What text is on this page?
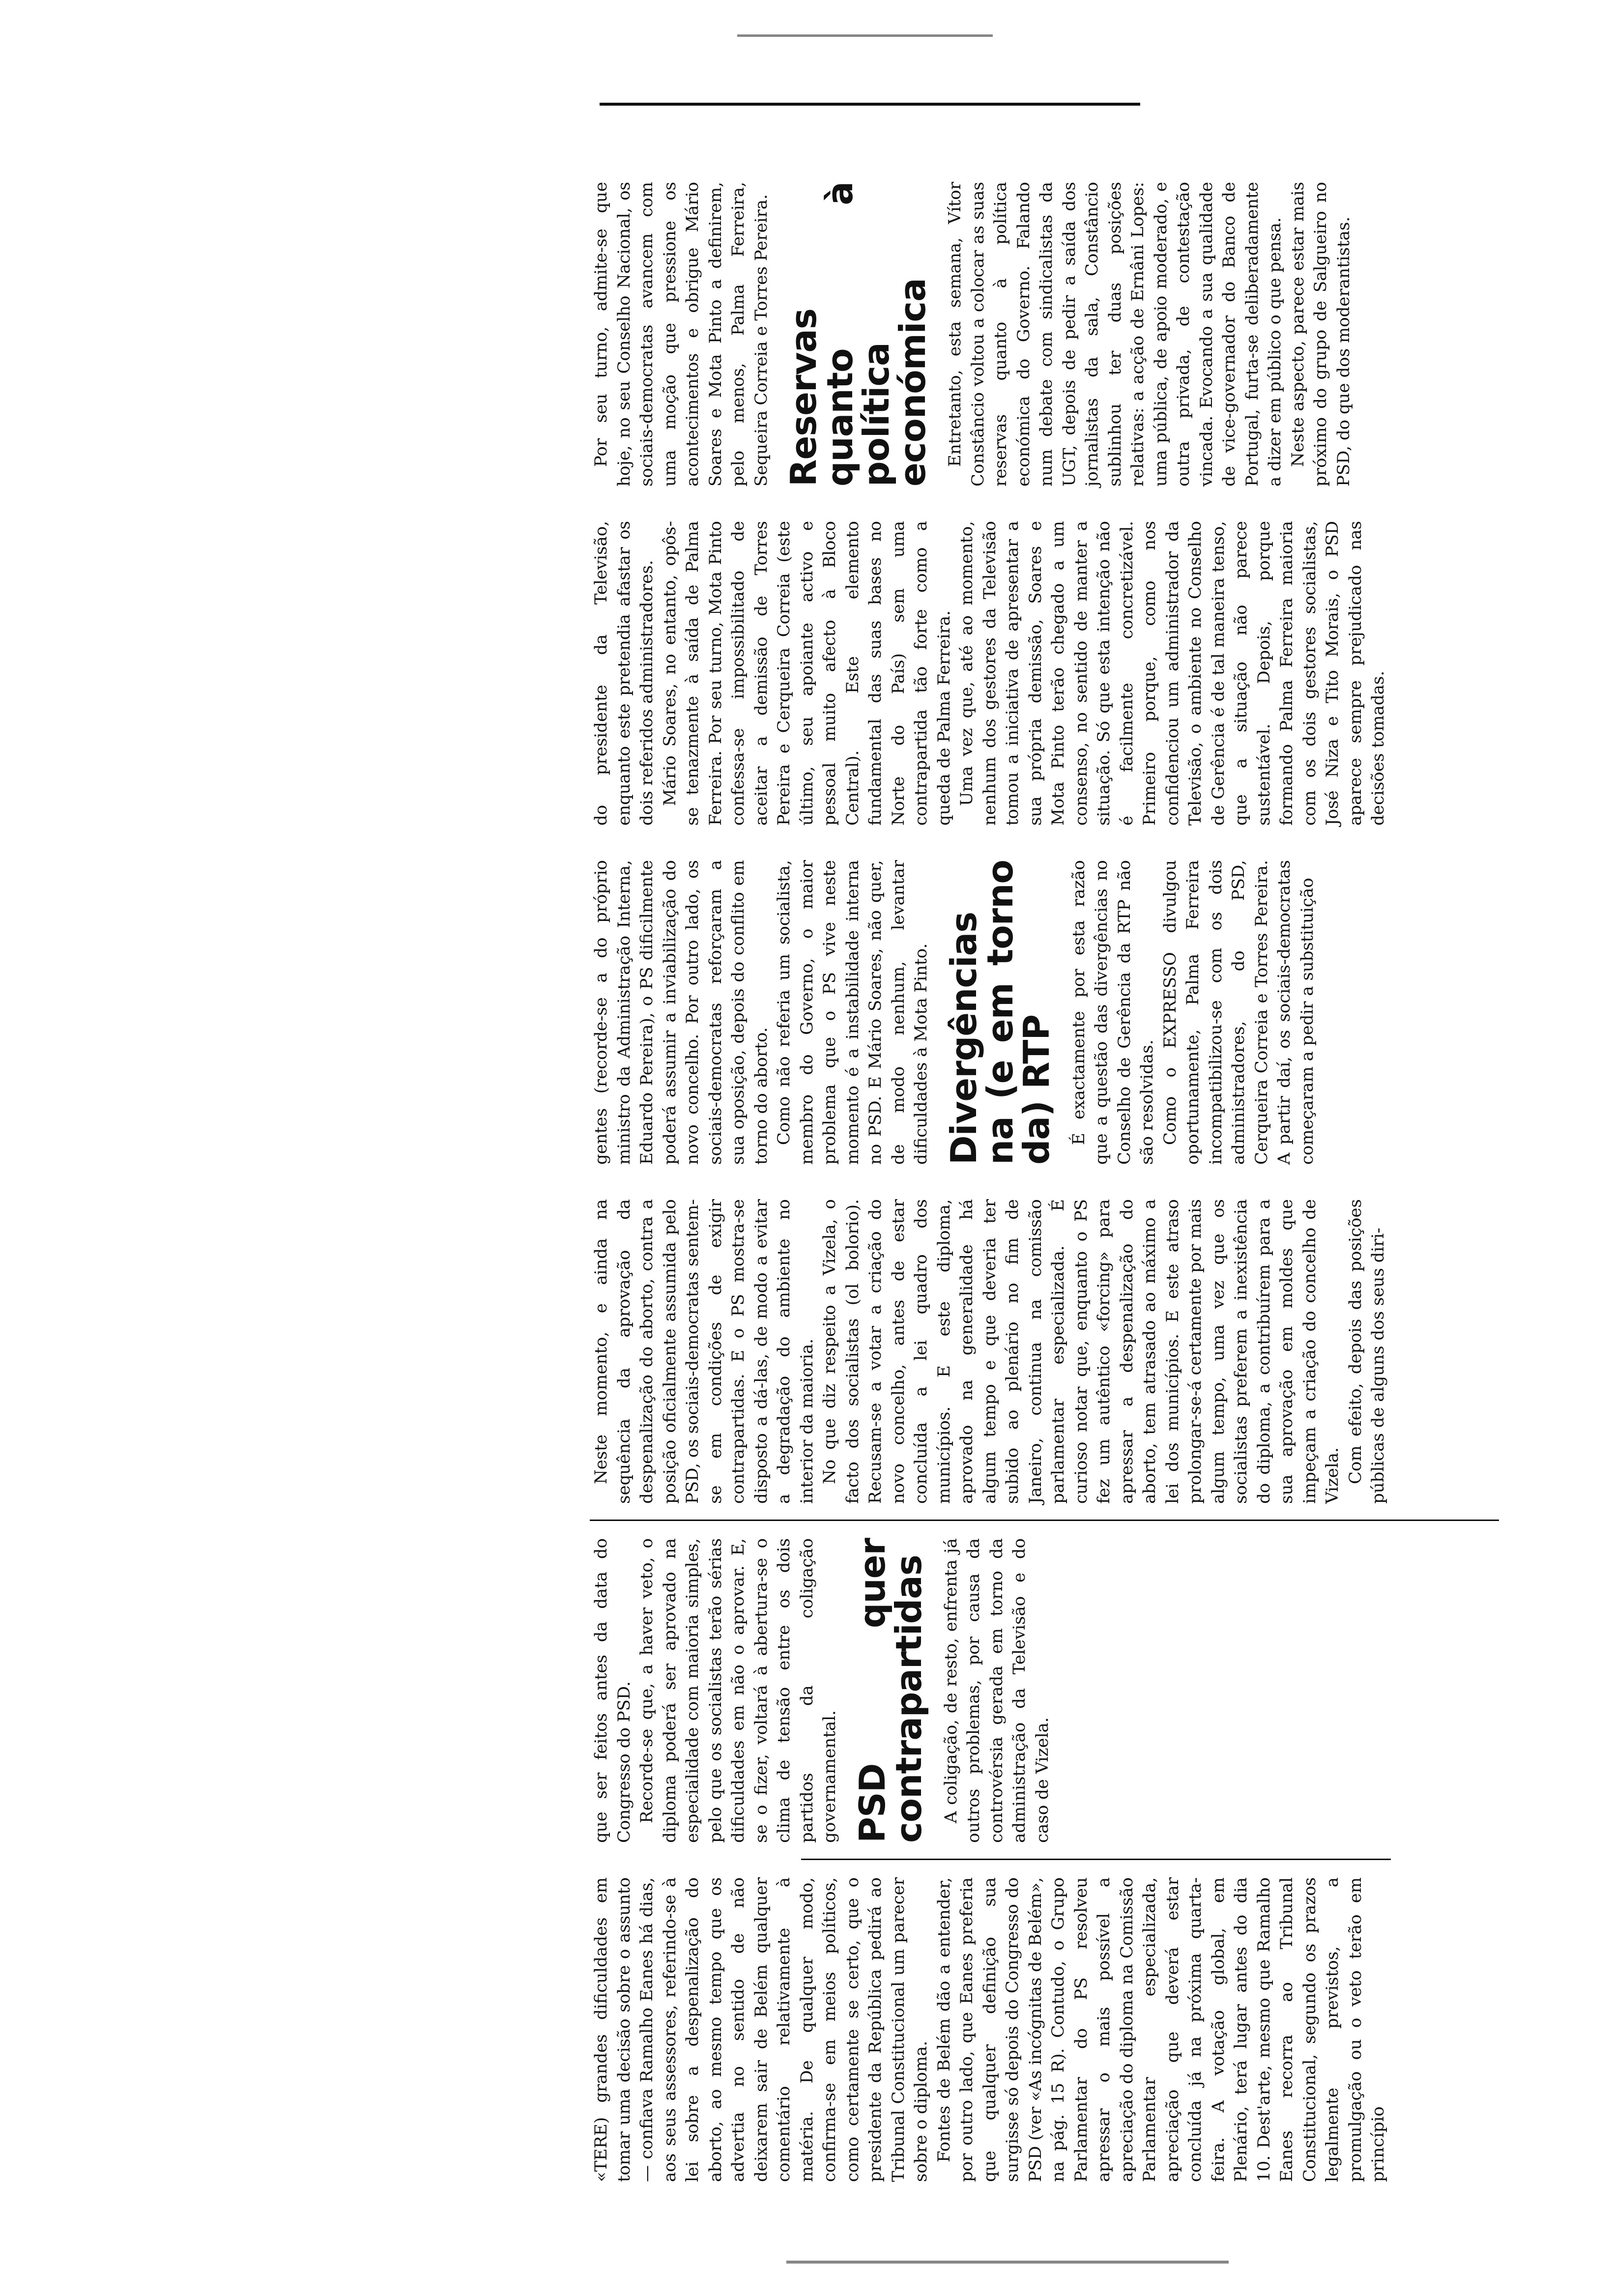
«TERE) grandes dificuldades em tomar uma decisão sobre o assunto — confiava Ramalho Eanes há dias, aos seus assessores, referindo-se à lei sobre a despenalização do aborto, ao mesmo tempo que os advertia no sentido de não deixarem sair de Belém qualquer comentário relativamente à matéria. De qualquer modo, confirma-se em meios políticos, como certamente se certo, que o presidente da República pedirá ao Tribunal Constitucional um parecer sobre o diploma. Fontes de Belém dão a entender, por outro lado, que Eanes preferia que qualquer definição sua surgisse só depois do Congresso do PSD (ver «As incógnitas de Belém», na pág. 15 R). Contudo, o Grupo Parlamentar do PS resolveu apressar o mais possível a apreciação do diploma na Comissão Parlamentar especializada, apreciação que deverá estar concluída já na próxima quarta-feira. A votação global, em Plenário, terá lugar antes do dia 10. Dest'arte, mesmo que Ramalho Eanes recorra ao Tribunal Constitucional, segundo os prazos legalmente previstos, a promulgação ou o veto terão em princípio

que ser feitos antes da data do Congresso do PSD. Recorde-se que, a haver veto, o diploma poderá ser aprovado na especialidade com maioria simples, pelo que os socialistas terão sérias dificuldades em não o aprovar. E, se o fizer, voltará à abertura-se o clima de tensão entre os dois partidos da coligação governamental. PSD quer contrapartidas A coligação, de resto, enfrenta já outros problemas, por causa da controvérsia gerada em torno da administração da Televisão e do caso de Vizela.

Neste momento, e ainda na sequência da aprovação da despenalização do aborto, contra a posição oficialmente assumida pelo PSD, os sociais-democratas sentem-se em condições de exigir contrapartidas. E o PS mostra-se disposto a dá-las, de modo a evitar a degradação do ambiente no interior da maioria. No que diz respeito a Vizela, o facto dos socialistas (ol bolorio). Recusam-se a votar a criação do novo concelho, antes de estar concluída a lei quadro dos municípios. E este diploma, aprovado na generalidade há algum tempo e que deveria ter subido ao plenário no fim de Janeiro, continua na comissão parlamentar especializada. É curioso notar que, enquanto o PS fez um autêntico «forcing» para apressar a despenalização do aborto, tem atrasado ao máximo a lei dos municípios. E este atraso prolongar-se-á certamente por mais algum tempo, uma vez que os socialistas preferem a inexistência do diploma, a contribuírem para a sua aprovação em moldes que impeçam a criação do concelho de Vizela. Com efeito, depois das posições públicas de alguns dos seus diri-

gentes (recorde-se a do próprio ministro da Administração Interna, Eduardo Pereira), o PS dificilmente poderá assumir a inviabilização do novo concelho. Por outro lado, os sociais-democratas reforçaram a sua oposição, depois do conflito em torno do aborto. Como não referia um socialista, membro do Governo, o maior problema que o PS vive neste momento é a instabilidade interna no PSD. E Mário Soares, não quer, de modo nenhum, levantar dificuldades à Mota Pinto. Divergências na (e em torno da) RTP É exactamente por esta razão que a questão das divergências no Conselho de Gerência da RTP não são resolvidas. Como o EXPRESSO divulgou oportunamente, Palma Ferreira incompatibilizou-se com os dois administradores, do PSD, Cerqueira Correia e Torres Pereira. A partir daí, os sociais-democratas começaram a pedir a substituição

do presidente da Televisão, enquanto este pretendia afastar os dois referidos administradores. Mário Soares, no entanto, opôs-se tenazmente à saída de Palma Ferreira. Por seu turno, Mota Pinto confessa-se impossibilitado de aceitar a demissão de Torres Pereira e Cerqueira Correia (este último, seu apoiante activo e pessoal muito afecto à Bloco Central). Este elemento fundamental das suas bases no Norte do País) sem uma contrapartida tão forte como a queda de Palma Ferreira. Uma vez que, até ao momento, nenhum dos gestores da Televisão tomou a iniciativa de apresentar a sua própria demissão, Soares e Mota Pinto terão chegado a um consenso, no sentido de manter a situação. Só que esta intenção não é facilmente concretizável. Primeiro porque, como nos confidenciou um administrador da Televisão, o ambiente no Conselho de Gerência é de tal maneira tenso, que a situação não parece sustentável. Depois, porque formando Palma Ferreira maioria com os dois gestores socialistas, José Niza e Tito Morais, o PSD aparece sempre prejudicado nas decisões tomadas.

Por seu turno, admite-se que hoje, no seu Conselho Nacional, os sociais-democratas avancem com uma moção que pressione os acontecimentos e obrigue Mário Soares e Mota Pinto a definirem, pelo menos, Palma Ferreira, Sequeira Correia e Torres Pereira. Reservas quanto à política económica Entretanto, esta semana, Vítor Constâncio voltou a colocar as suas reservas quanto à política económica do Governo. Falando num debate com sindicalistas da UGT, depois de pedir a saída dos jornalistas da sala, Constâncio sublinhou ter duas posições relativas: a acção de Ernâni Lopes: uma pública, de apoio moderado, e outra privada, de contestação vincada. Evocando a sua qualidade de vice-governador do Banco de Portugal, furta-se deliberadamente a dizer em público o que pensa. Neste aspecto, parece estar mais próximo do grupo de Salgueiro no PSD, do que dos moderantistas.
